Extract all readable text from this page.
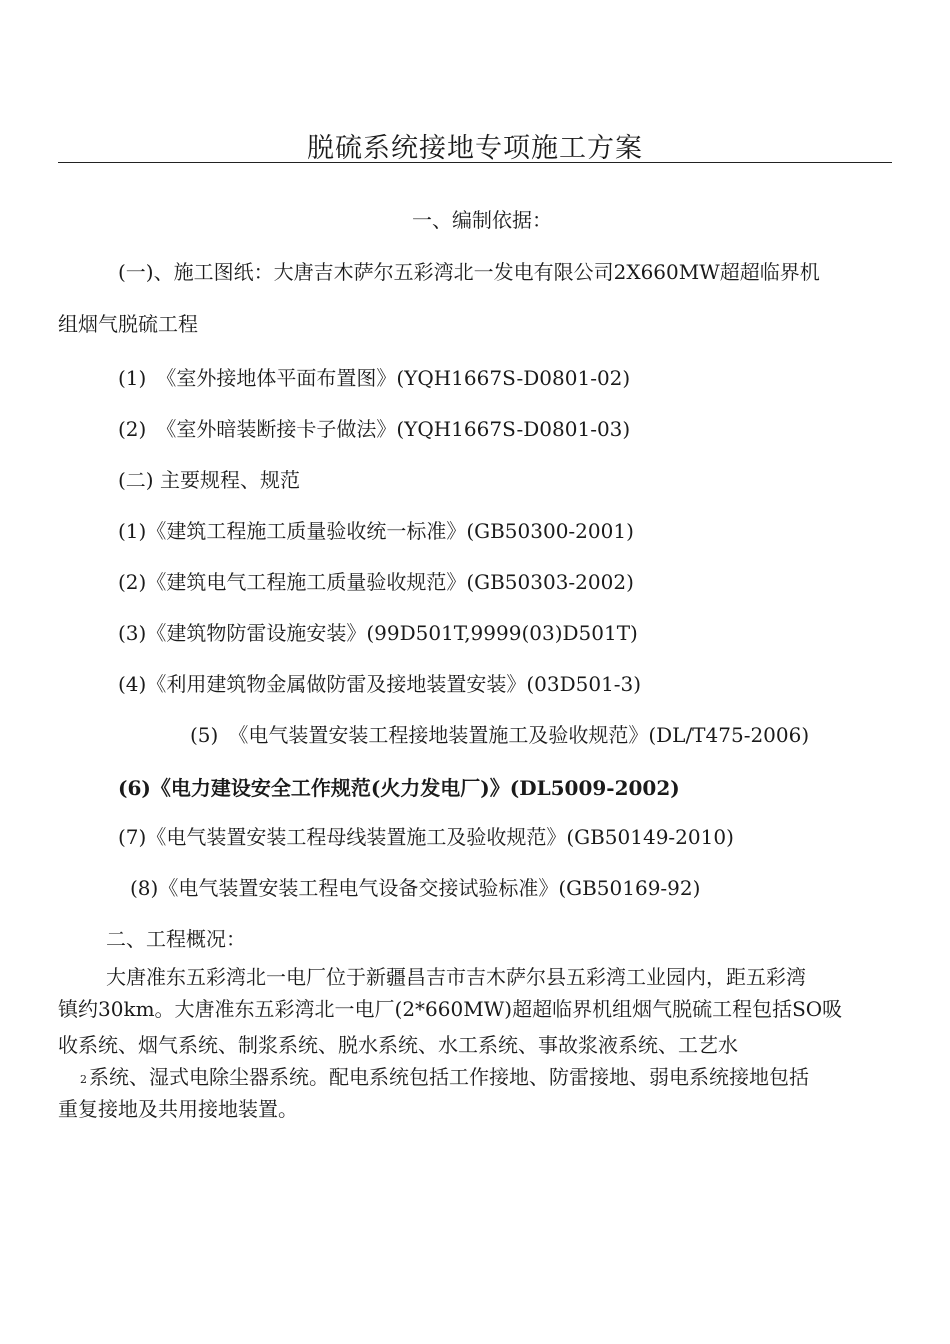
脱硫系统接地专项施工方案
一、编制依据：
(一)、施工图纸：大唐吉木萨尔五彩湾北一发电有限公司2X660MW超超临界机
组烟气脱硫工程
(1)　《室外接地体平面布置图》(YQH1667S-D0801-02)
(2)　《室外暗装断接卡子做法》(YQH1667S-D0801-03)
(二) 主要规程、规范
(1)《建筑工程施工质量验收统一标准》(GB50300-2001)
(2)《建筑电气工程施工质量验收规范》(GB50303-2002)
(3)《建筑物防雷设施安装》(99D501T,9999(03)D501T)
(4)《利用建筑物金属做防雷及接地装置安装》(03D501-3)
(5)　《电气装置安装工程接地装置施工及验收规范》(DL/T475-2006)
(6)《电力建设安全工作规范(火力发电厂)》(DL5009-2002)
(7)《电气装置安装工程母线装置施工及验收规范》(GB50149-2010)
(8)《电气装置安装工程电气设备交接试验标准》(GB50169-92)
二、工程概况：
大唐准东五彩湾北一电厂位于新疆昌吉市吉木萨尔县五彩湾工业园内，距五彩湾
镇约30km。大唐准东五彩湾北一电厂(2*660MW)超超临界机组烟气脱硫工程包括SO吸
收系统、烟气系统、制浆系统、脱水系统、水工系统、事故浆液系统、工艺水
2 系统、湿式电除尘器系统。配电系统包括工作接地、防雷接地、弱电系统接地包括
重复接地及共用接地装置。
